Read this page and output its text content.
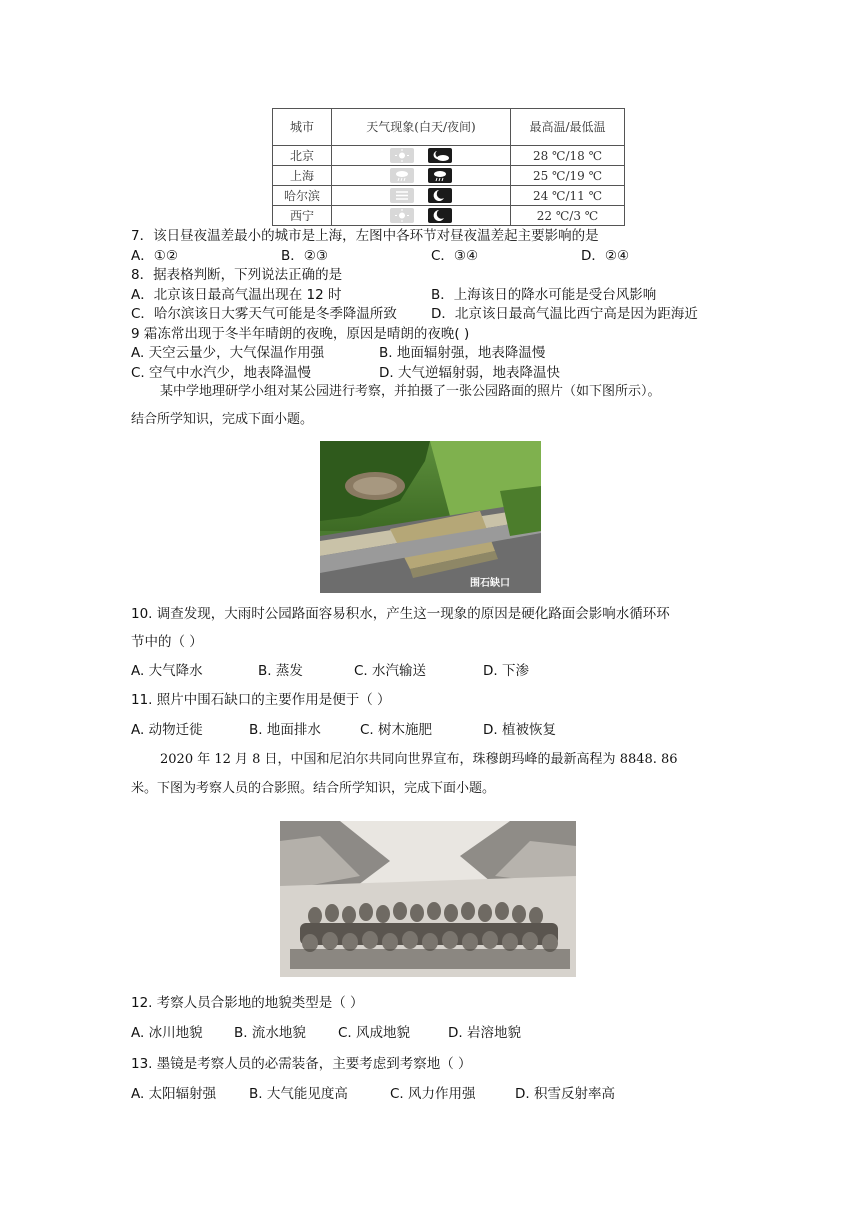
城市	天气现象(白天/夜间)	最高温/最低温
北京		28 ℃/18 ℃
上海		25 ℃/19 ℃
哈尔滨		24 ℃/11 ℃
西宁		22 ℃/3 ℃
7．该日昼夜温差最小的城市是上海，左图中各环节对昼夜温差起主要影响的是
A．①②	B．②③	C．③④	D．②④
8．据表格判断，下列说法正确的是
A．北京该日最高气温出现在 12 时	B．上海该日的降水可能是受台风影响
C．哈尔滨该日大雾天气可能是冬季降温所致	D．北京该日最高气温比西宁高是因为距海近
9 霜冻常出现于冬半年晴朗的夜晚，原因是晴朗的夜晚( )
A. 天空云量少，大气保温作用强	B. 地面辐射强，地表降温慢
C. 空气中水汽少，地表降温慢	D. 大气逆辐射弱，地表降温快
某中学地理研学小组对某公园进行考察，并拍摄了一张公园路面的照片（如下图所示）。
结合所学知识，完成下面小题。
围石缺口
10. 调查发现，大雨时公园路面容易积水，产生这一现象的原因是硬化路面会影响水循环环
节中的（ ）
A. 大气降水	B. 蒸发	C. 水汽输送	D. 下渗
11. 照片中围石缺口的主要作用是便于（ ）
A. 动物迁徙	B. 地面排水	C. 树木施肥	D. 植被恢复
2020 年 12 月 8 日，中国和尼泊尔共同向世界宣布，珠穆朗玛峰的最新高程为 8848. 86
米。下图为考察人员的合影照。结合所学知识，完成下面小题。
12. 考察人员合影地的地貌类型是（ ）
A. 冰川地貌 B. 流水地貌 C. 风成地貌	D. 岩溶地貌
13. 墨镜是考察人员的必需装备，主要考虑到考察地（ ）
A. 太阳辐射强 B. 大气能见度高	C. 风力作用强	D. 积雪反射率高
